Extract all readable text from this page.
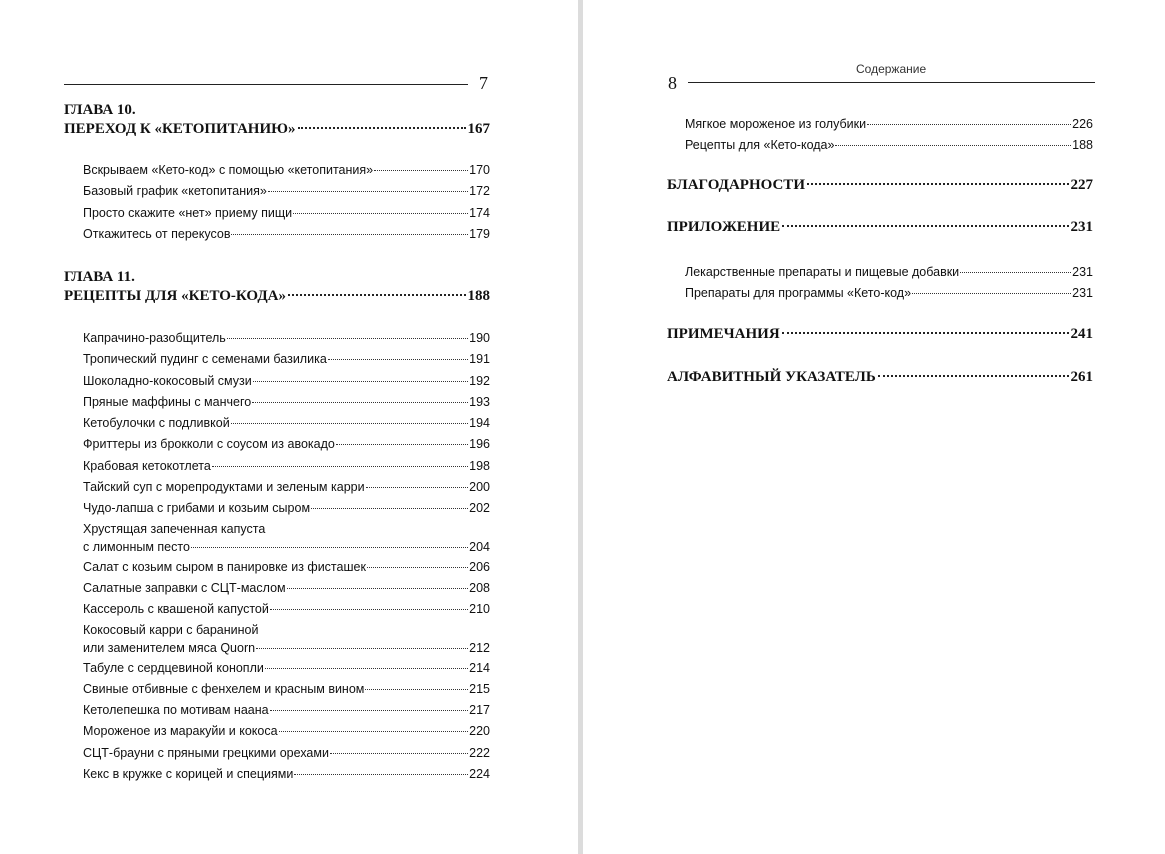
7
ГЛАВА 10.
ПЕРЕХОД К «КЕТОПИТАНИЮ»	167
Вскрываем «Кето-код» с помощью «кетопитания»	170
Базовый график «кетопитания»	172
Просто скажите «нет» приему пищи	174
Откажитесь от перекусов	179
ГЛАВА 11.
РЕЦЕПТЫ ДЛЯ «КЕТО-КОДА»	188
Капрачино-разобщитель	190
Тропический пудинг с семенами базилика	191
Шоколадно-кокосовый смузи	192
Пряные маффины с манчего	193
Кетобулочки с подливкой	194
Фриттеры из брокколи с соусом из авокадо	196
Крабовая кетокотлета	198
Тайский суп с морепродуктами и зеленым карри	200
Чудо-лапша с грибами и козьим сыром	202
Хрустящая запеченная капуста
с лимонным песто	204
Салат с козьим сыром в панировке из фисташек	206
Салатные заправки с СЦТ-маслом	208
Кассероль с квашеной капустой	210
Кокосовый карри с бараниной
или заменителем мяса Quorn	212
Табуле с сердцевиной конопли	214
Свиные отбивные с фенхелем и красным вином	215
Кетолепешка по мотивам наана	217
Мороженое из маракуйи и кокоса	220
СЦТ-брауни с пряными грецкими орехами	222
Кекс в кружке с корицей и специями	224
Содержание
8
Мягкое мороженое из голубики	226
Рецепты для «Кето-кода»	188
БЛАГОДАРНОСТИ	227
ПРИЛОЖЕНИЕ	231
Лекарственные препараты и пищевые добавки	231
Препараты для программы «Кето-код»	231
ПРИМЕЧАНИЯ	241
АЛФАВИТНЫЙ УКАЗАТЕЛЬ	261
